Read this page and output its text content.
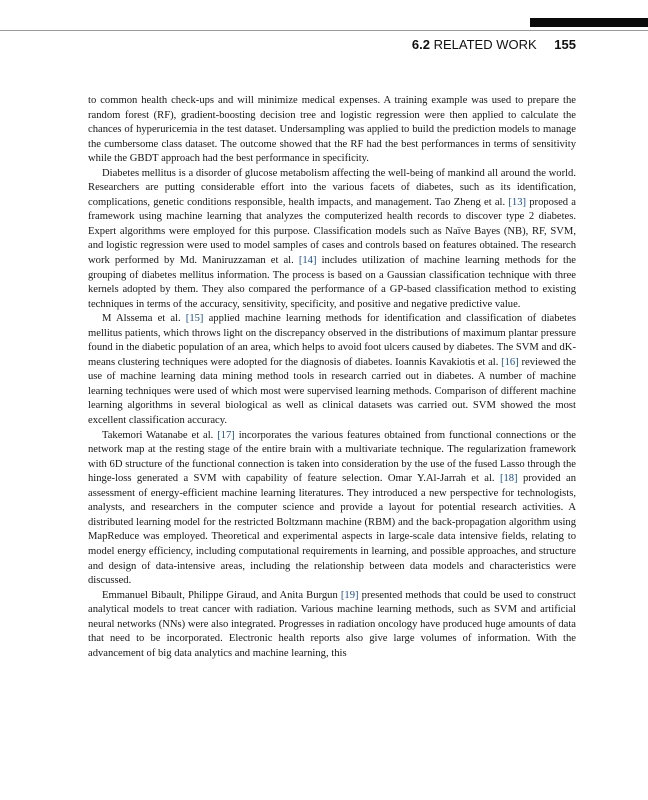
6.2 RELATED WORK 155

to common health check-ups and will minimize medical expenses. A training example was used to prepare the random forest (RF), gradient-boosting decision tree and logistic regression were then applied to calculate the chances of hyperuricemia in the test dataset. Undersampling was applied to build the prediction models to manage the cumbersome class dataset. The outcome showed that the RF had the best performances in terms of sensitivity while the GBDT approach had the best performance in specificity.

Diabetes mellitus is a disorder of glucose metabolism affecting the well-being of mankind all around the world. Researchers are putting considerable effort into the various facets of diabetes, such as its identification, complications, genetic conditions responsible, health impacts, and management. Tao Zheng et al. [13] proposed a framework using machine learning that analyzes the computerized health records to discover type 2 diabetes. Expert algorithms were employed for this purpose. Classification models such as Naïve Bayes (NB), RF, SVM, and logistic regression were used to model samples of cases and controls based on features obtained. The research work performed by Md. Maniruzzaman et al. [14] includes utilization of machine learning methods for the grouping of diabetes mellitus information. The process is based on a Gaussian classification technique with three kernels adopted by them. They also compared the performance of a GP-based classification method to existing techniques in terms of the accuracy, sensitivity, specificity, and positive and negative predictive value.

M Alssema et al. [15] applied machine learning methods for identification and classification of diabetes mellitus patients, which throws light on the discrepancy observed in the distributions of maximum plantar pressure found in the diabetic population of an area, which helps to avoid foot ulcers caused by diabetes. The SVM and dK-means clustering techniques were adopted for the diagnosis of diabetes. Ioannis Kavakiotis et al. [16] reviewed the use of machine learning data mining method tools in research carried out in diabetes. A number of machine learning techniques were used of which most were supervised learning methods. Comparison of different machine learning algorithms in several biological as well as clinical datasets was carried out. SVM showed the most excellent classification accuracy.

Takemori Watanabe et al. [17] incorporates the various features obtained from functional connections or the network map at the resting stage of the entire brain with a multivariate technique. The regularization framework with 6D structure of the functional connection is taken into consideration by the use of the fused Lasso through the hinge-loss generated a SVM with capability of feature selection. Omar Y.Al-Jarrah et al. [18] provided an assessment of energy-efficient machine learning literatures. They introduced a new perspective for technologists, analysts, and researchers in the computer science and provide a layout for potential research activities. A distributed learning model for the restricted Boltzmann machine (RBM) and the back-propagation algorithm using MapReduce was employed. Theoretical and experimental aspects in large-scale data intensive fields, relating to model energy efficiency, including computational requirements in learning, and possible approaches, and structure and design of data-intensive areas, including the relationship between data models and characteristics were discussed.

Emmanuel Bibault, Philippe Giraud, and Anita Burgun [19] presented methods that could be used to construct analytical models to treat cancer with radiation. Various machine learning methods, such as SVM and artificial neural networks (NNs) were also integrated. Progresses in radiation oncology have produced huge amounts of data that need to be incorporated. Electronic health reports also give large volumes of information. With the advancement of big data analytics and machine learning, this
